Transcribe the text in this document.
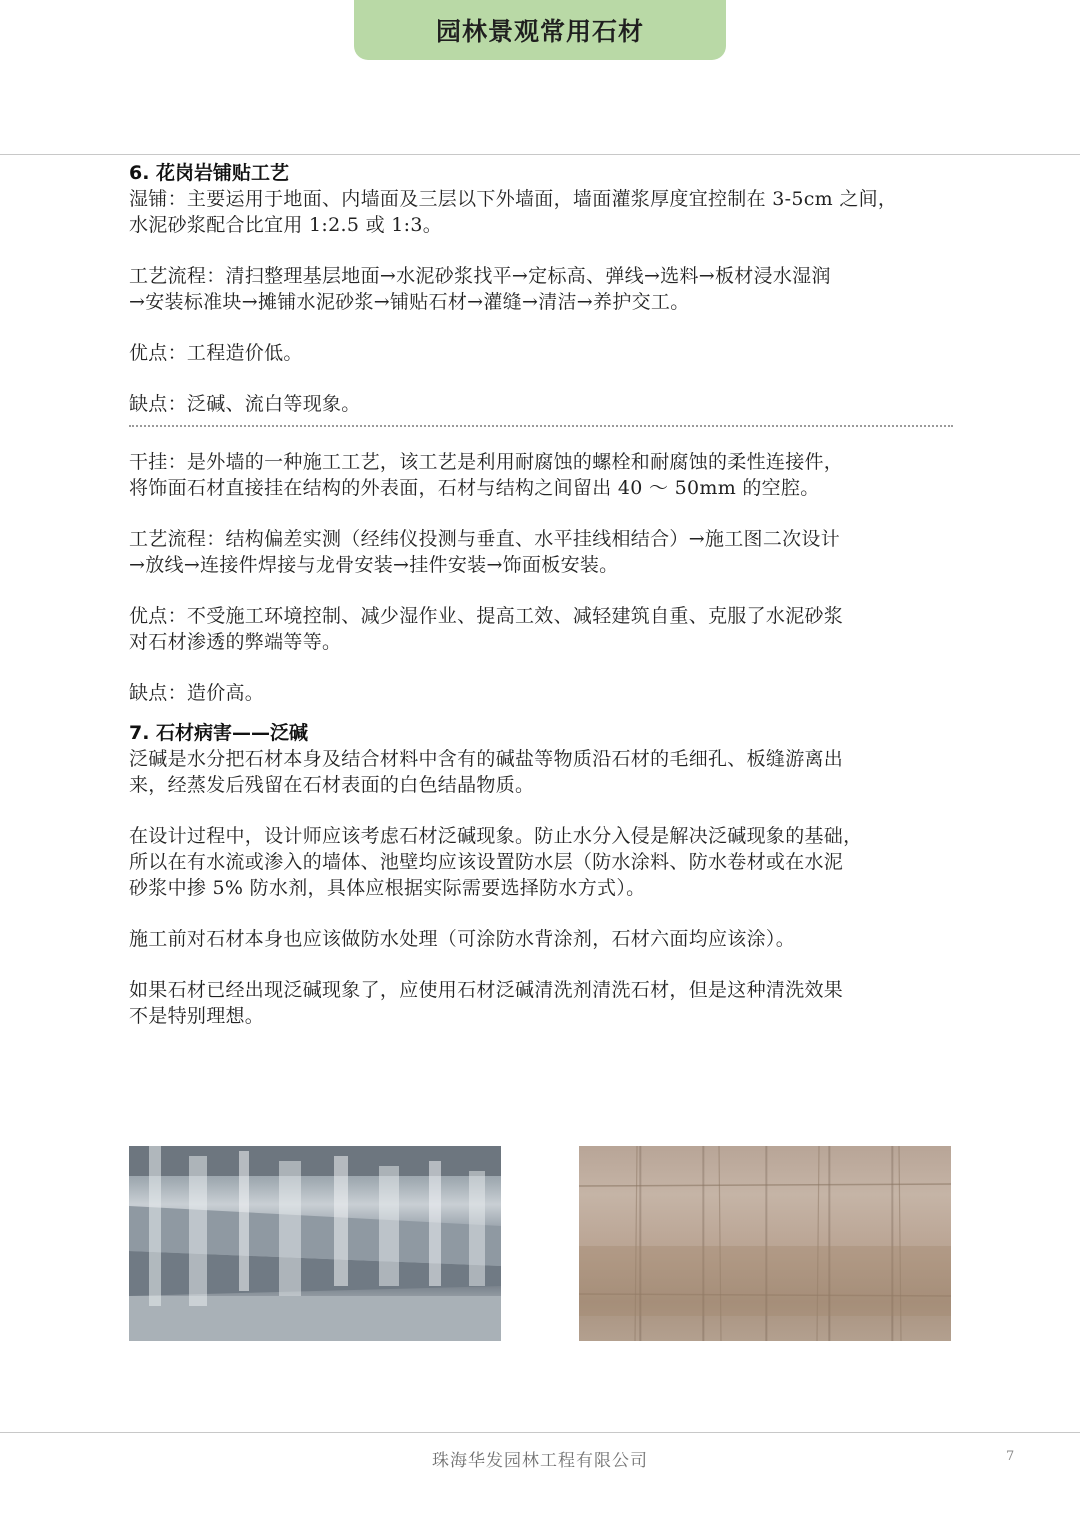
园林景观常用石材

6. 花岗岩铺贴工艺

湿铺：主要运用于地面、内墙面及三层以下外墙面，墙面灌浆厚度宜控制在 3-5cm 之间，

水泥砂浆配合比宜用 1:2.5 或 1:3。

工艺流程：清扫整理基层地面→水泥砂浆找平→定标高、弹线→选料→板材浸水湿润

→安装标准块→摊铺水泥砂浆→铺贴石材→灌缝→清洁→养护交工。

优点：工程造价低。

缺点：泛碱、流白等现象。

干挂：是外墙的一种施工工艺，该工艺是利用耐腐蚀的螺栓和耐腐蚀的柔性连接件，

将饰面石材直接挂在结构的外表面，石材与结构之间留出 40 ～ 50mm 的空腔。

工艺流程：结构偏差实测（经纬仪投测与垂直、水平挂线相结合）→施工图二次设计

→放线→连接件焊接与龙骨安装→挂件安装→饰面板安装。

优点：不受施工环境控制、减少湿作业、提高工效、减轻建筑自重、克服了水泥砂浆

对石材渗透的弊端等等。

缺点：造价高。

7. 石材病害——泛碱

泛碱是水分把石材本身及结合材料中含有的碱盐等物质沿石材的毛细孔、板缝游离出

来，经蒸发后残留在石材表面的白色结晶物质。

在设计过程中，设计师应该考虑石材泛碱现象。防止水分入侵是解决泛碱现象的基础，

所以在有水流或渗入的墙体、池壁均应该设置防水层（防水涂料、防水卷材或在水泥

砂浆中掺 5% 防水剂，具体应根据实际需要选择防水方式）。

施工前对石材本身也应该做防水处理（可涂防水背涂剂，石材六面均应该涂）。

如果石材已经出现泛碱现象了，应使用石材泛碱清洗剂清洗石材，但是这种清洗效果

不是特别理想。

珠海华发园林工程有限公司	7
